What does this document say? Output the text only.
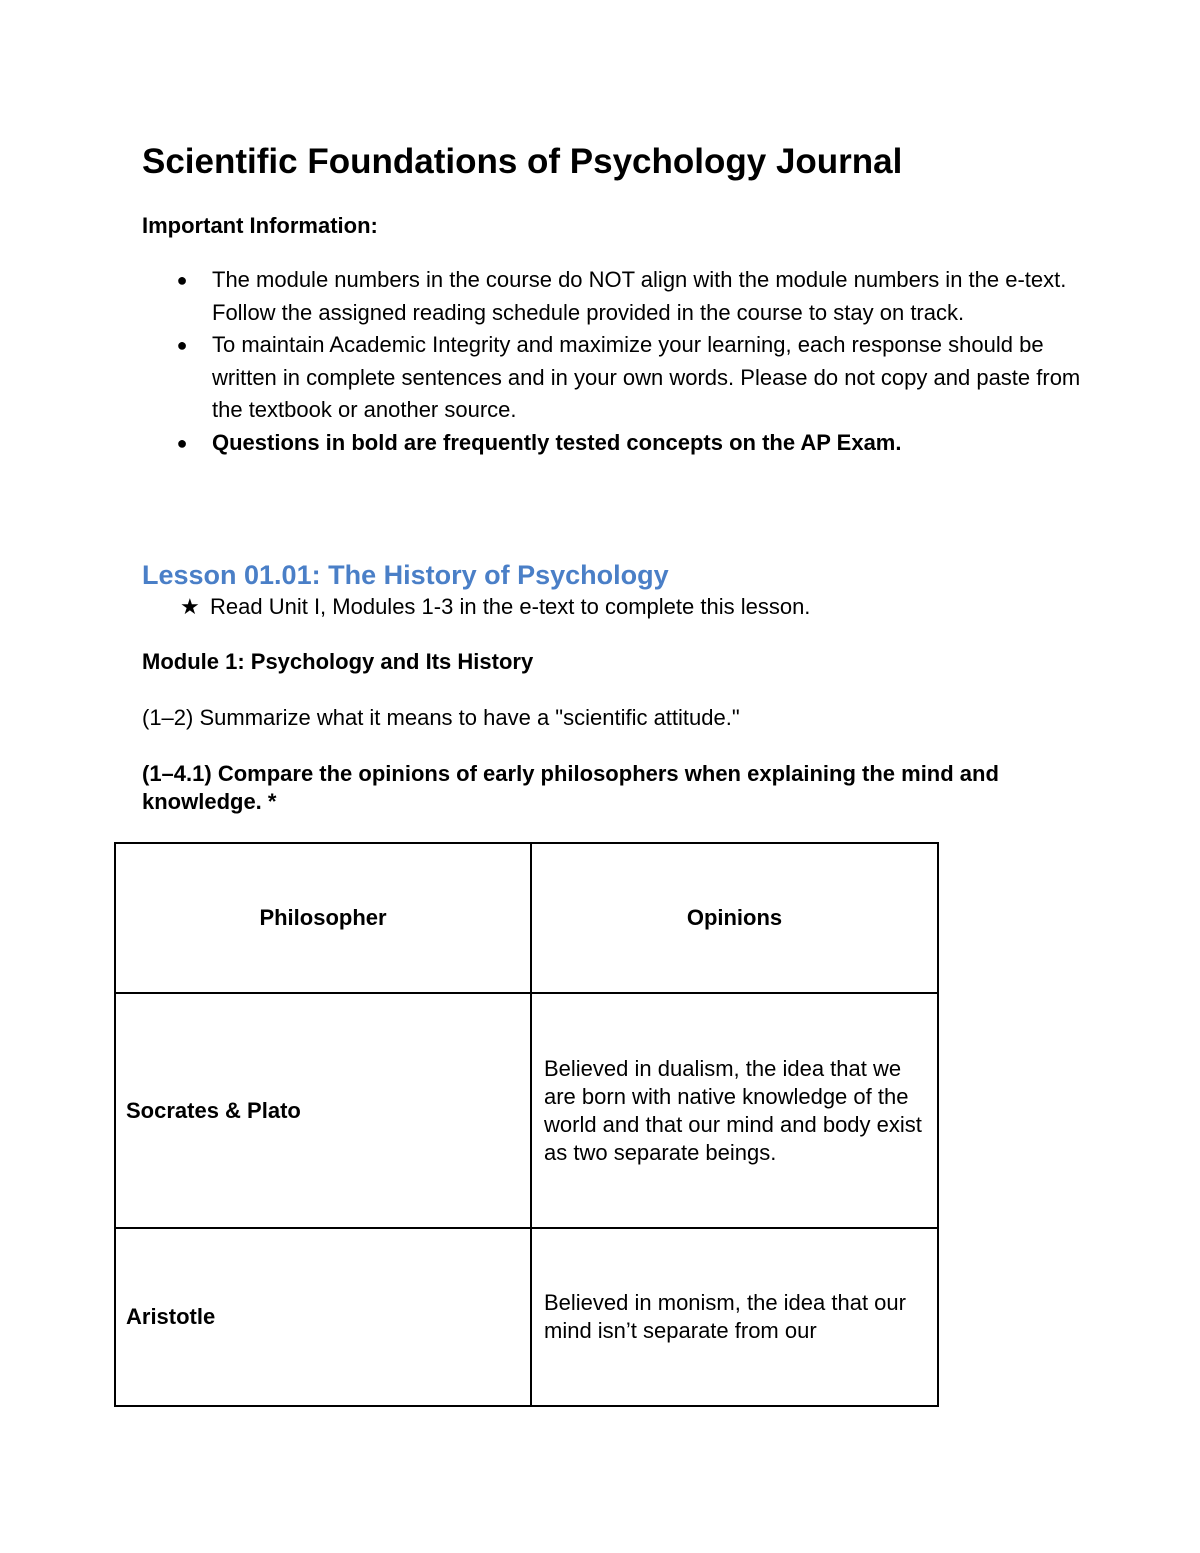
Scientific Foundations of Psychology Journal
Important Information:
● The module numbers in the course do NOT align with the module numbers in the e-text. Follow the assigned reading schedule provided in the course to stay on track.
● To maintain Academic Integrity and maximize your learning, each response should be written in complete sentences and in your own words. Please do not copy and paste from the textbook or another source.
● Questions in bold are frequently tested concepts on the AP Exam.
Lesson 01.01: The History of Psychology
★ Read Unit I, Modules 1-3 in the e-text to complete this lesson.
Module 1: Psychology and Its History
(1–2) Summarize what it means to have a "scientific attitude."
(1–4.1) Compare the opinions of early philosophers when explaining the mind and knowledge. *
Philosopher	Opinions
Socrates & Plato	Believed in dualism, the idea that we are born with native knowledge of the world and that our mind and body exist as two separate beings.
Aristotle	Believed in monism, the idea that our mind isn’t separate from our
